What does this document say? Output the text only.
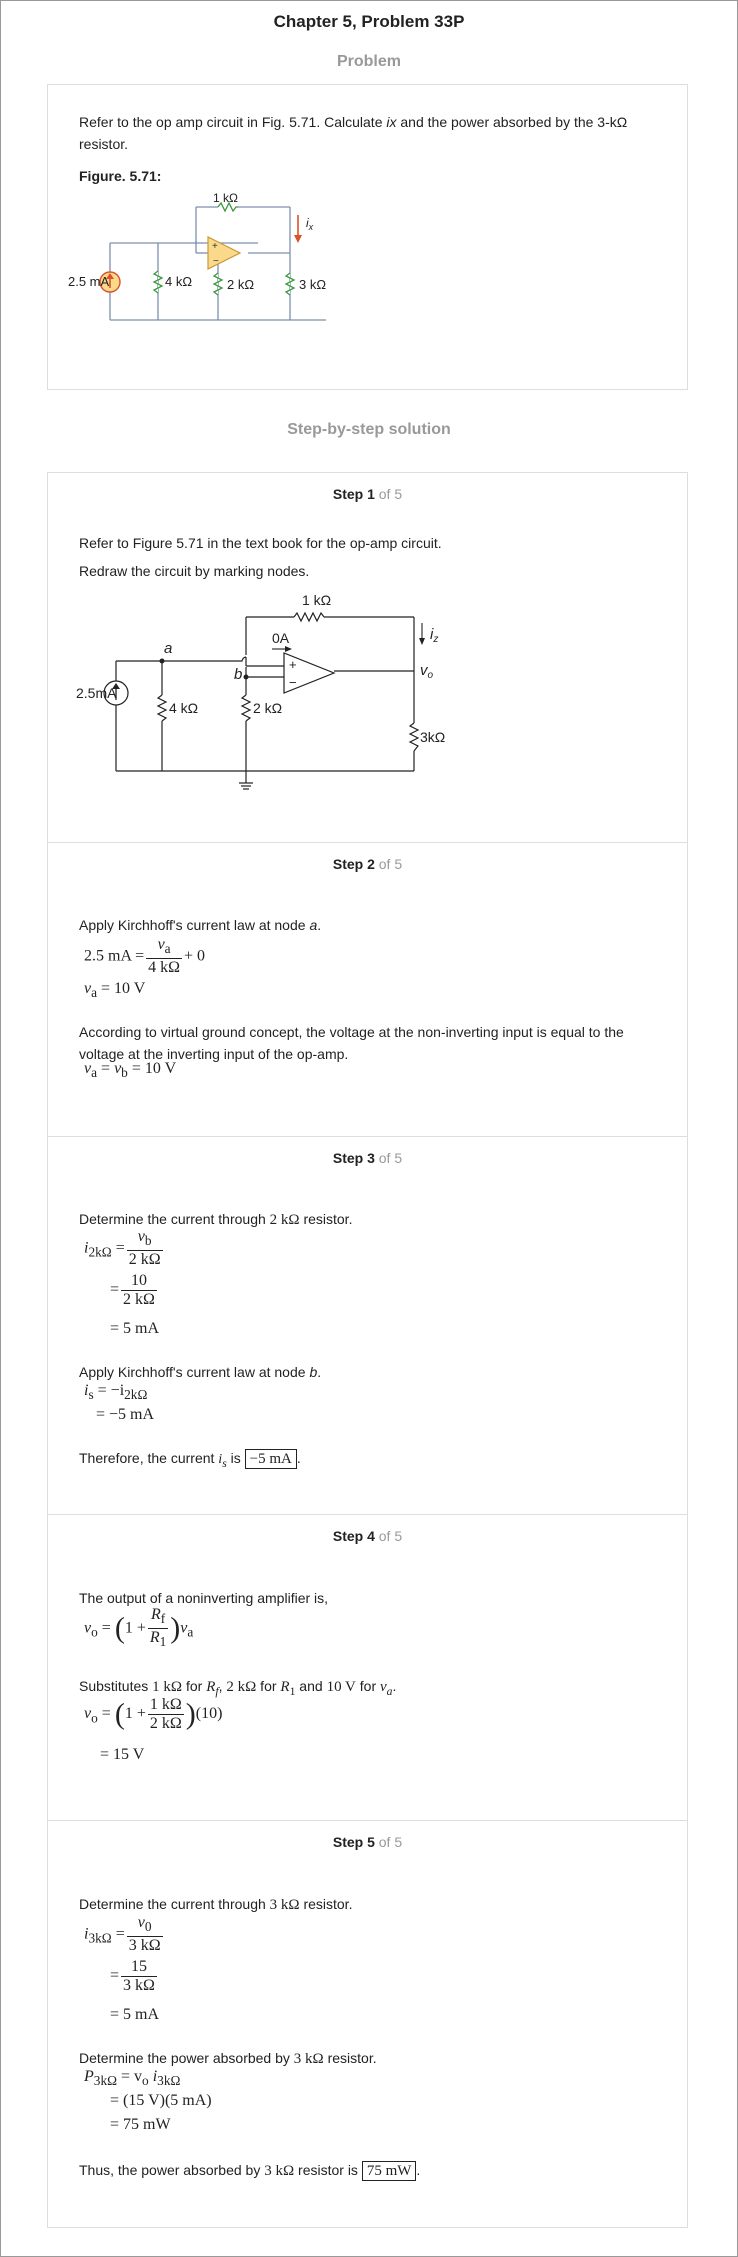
Chapter 5, Problem 33P
Problem

Refer to the op amp circuit in Fig. 5.71. Calculate ix and the power absorbed by the 3-kΩ

resistor.

Figure. 5.71:

+
−
1 kΩ
$i_x$
2.5 mA	4 kΩ	2 kΩ	3 kΩ
Step-by-step solution
Step 1 of 5

Refer to Figure 5.71 in the text book for the op-amp circuit.

Redraw the circuit by marking nodes.

+
−
1 kΩ
$i_z$
0A
a
b	$v_o$
2.5mA
4 kΩ	2 kΩ
3kΩ
Step 2 of 5

Apply Kirchhoff's current law at node a.

2.5 mA = $\frac{v_a}{4 k\Omega} + 0$
$v_a = 10$ V

According to virtual ground concept, the voltage at the non-inverting input is equal to the

voltage at the inverting input of the op-amp.

$v_a = v_b = 10$ V
Step 3 of 5

Determine the current through 2 kΩ resistor.

$i_{2k\Omega} = \frac{v_b}{2 k\Omega}$
= $\frac{10}{2 k\Omega}$
= 5 mA

Apply Kirchhoff's current law at node b.

$i_s = -i_{2k\Omega}$
= −5 mA

Therefore, the current $i_s$ is −5 mA .

Step 4 of 5

The output of a noninverting amplifier is,

$v_o = (1 + \frac{R_f}{R_1} )v_a$

Substitutes 1 kΩ for $R_f$, 2 kΩ for $R_1$ and 10 V for $v_a$.

$v_o = (1 + \frac{1 k\Omega}{2 k\Omega} )(10)$
= 15 V
Step 5 of 5

Determine the current through 3 kΩ resistor.

$i_{3k\Omega} = \frac{v_0}{3 k\Omega}$
= $\frac{15}{3 k\Omega}$
= 5 mA

Determine the power absorbed by 3 kΩ resistor.

$P_{3k\Omega} = v_o$ $i_{3k\Omega}$
= (15 V)(5 mA)
= 75 mW

Thus, the power absorbed by 3 kΩ resistor is 75 mW .
